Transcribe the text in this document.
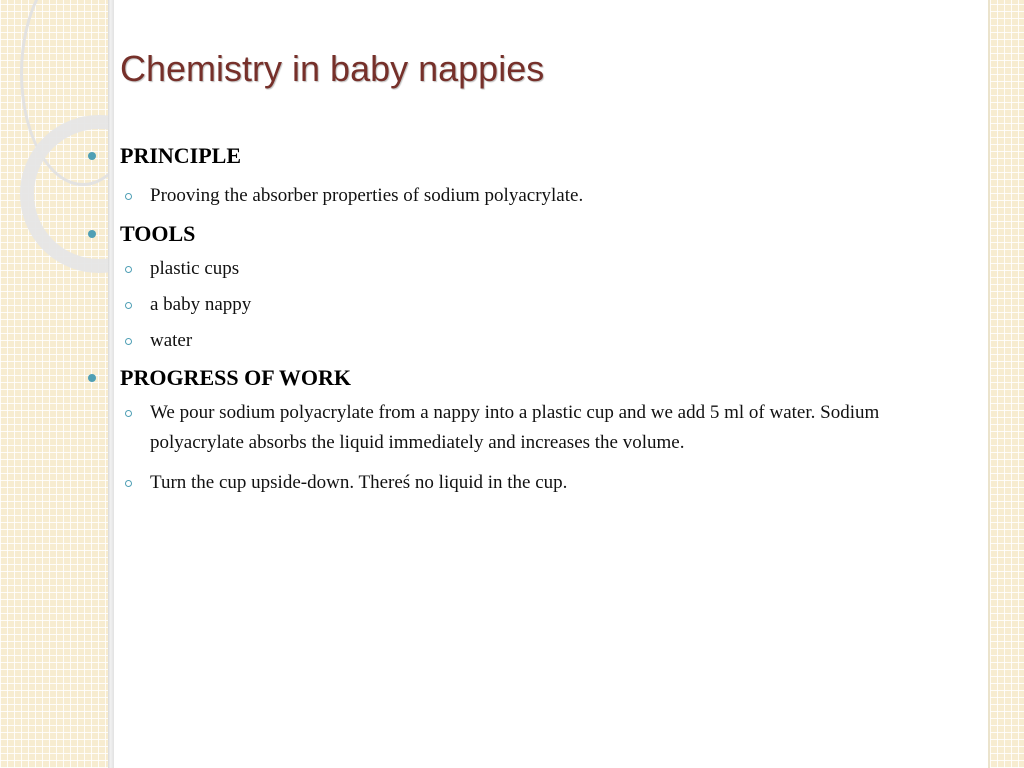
Chemistry in baby nappies
PRINCIPLE
Prooving the absorber properties of sodium polyacrylate.
TOOLS
plastic cups
a baby nappy
water
PROGRESS OF WORK
We pour sodium polyacrylate from a nappy into a plastic cup and we add 5 ml of water. Sodium polyacrylate absorbs the liquid immediately and increases the volume.
Turn the cup upside-down. Thereś no liquid in the cup.
